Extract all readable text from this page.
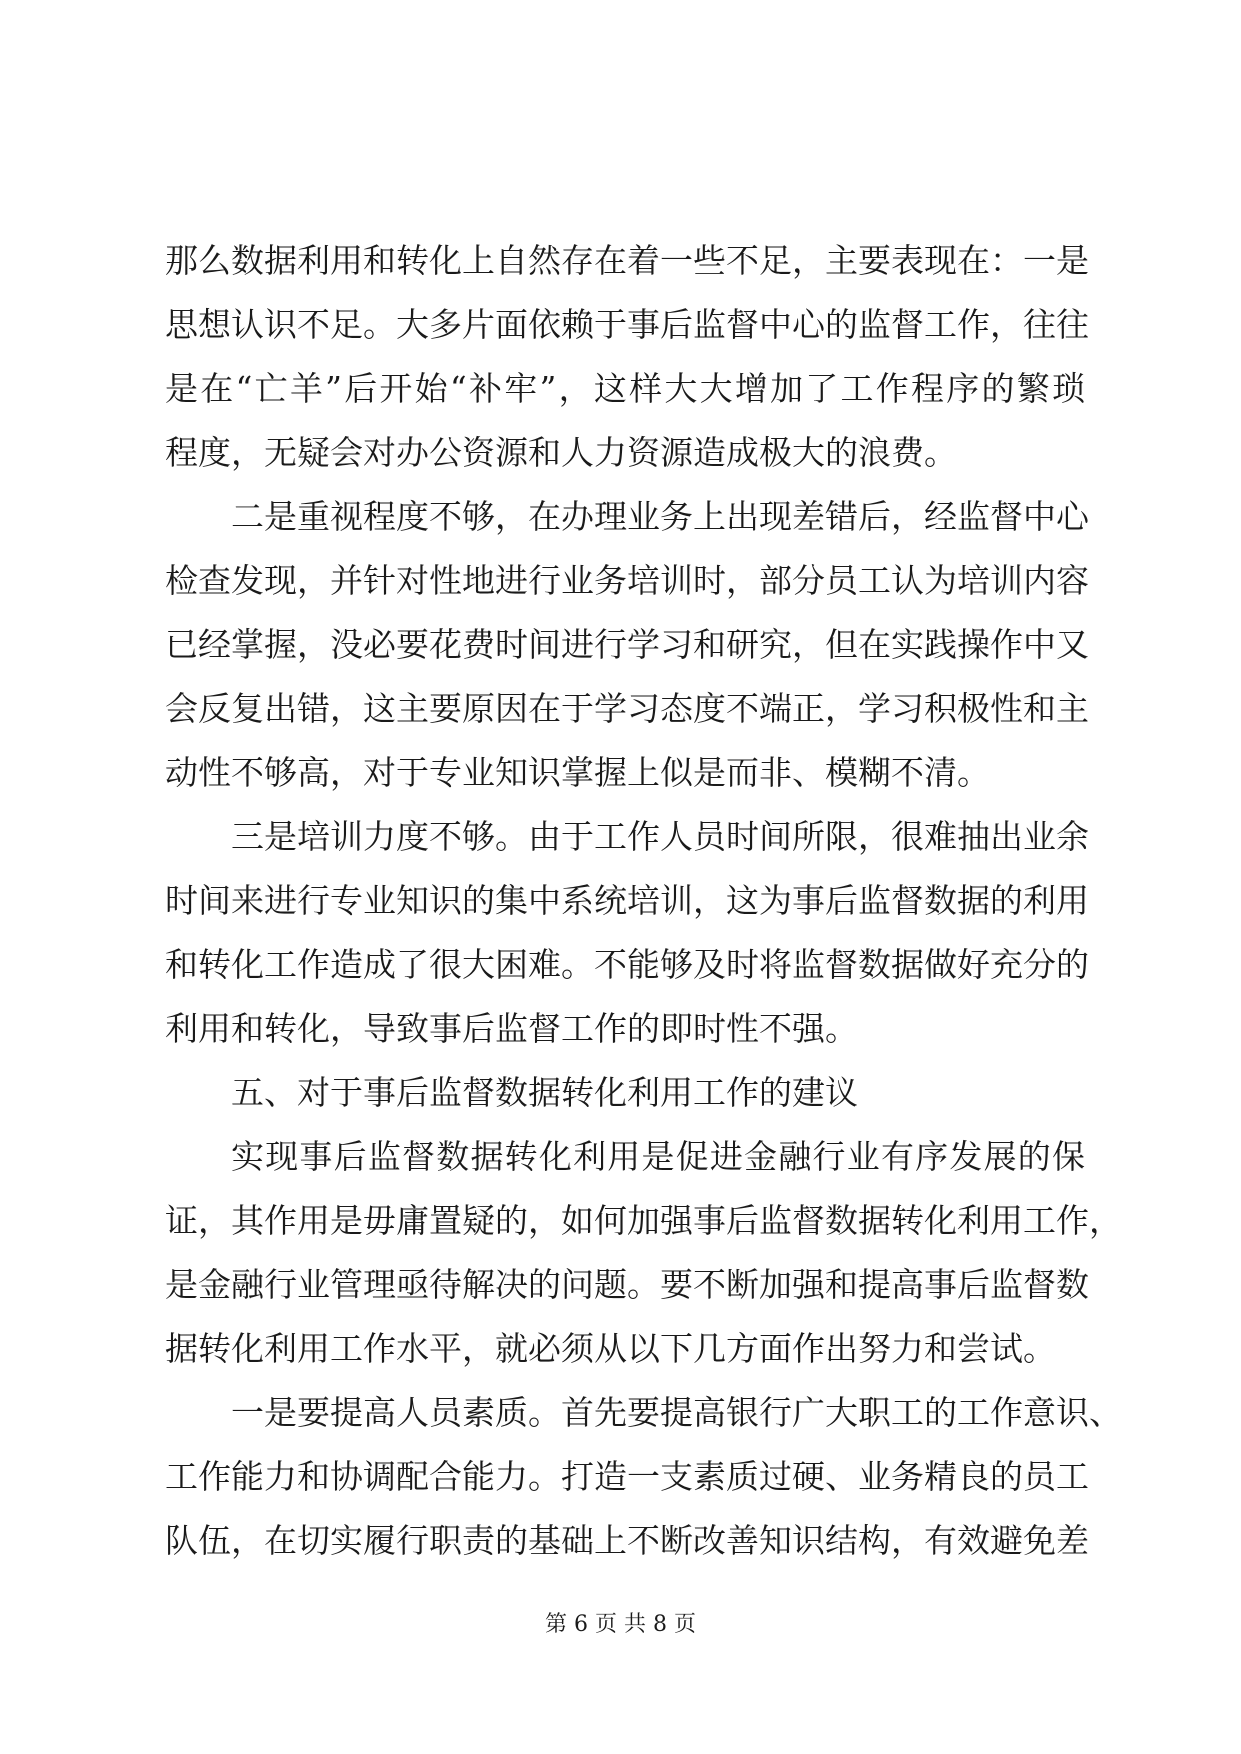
那么数据利用和转化上自然存在着一些不足，主要表现在：一是
思想认识不足。大多片面依赖于事后监督中心的监督工作，往往
是在“亡羊”后开始“补牢”，这样大大增加了工作程序的繁琐
程度，无疑会对办公资源和人力资源造成极大的浪费。
二是重视程度不够，在办理业务上出现差错后，经监督中心
检查发现，并针对性地进行业务培训时，部分员工认为培训内容
已经掌握，没必要花费时间进行学习和研究，但在实践操作中又
会反复出错，这主要原因在于学习态度不端正，学习积极性和主
动性不够高，对于专业知识掌握上似是而非、模糊不清。
三是培训力度不够。由于工作人员时间所限，很难抽出业余
时间来进行专业知识的集中系统培训，这为事后监督数据的利用
和转化工作造成了很大困难。不能够及时将监督数据做好充分的
利用和转化，导致事后监督工作的即时性不强。
五、对于事后监督数据转化利用工作的建议
实现事后监督数据转化利用是促进金融行业有序发展的保
证，其作用是毋庸置疑的，如何加强事后监督数据转化利用工作，
是金融行业管理亟待解决的问题。要不断加强和提高事后监督数
据转化利用工作水平，就必须从以下几方面作出努力和尝试。
一是要提高人员素质。首先要提高银行广大职工的工作意识、
工作能力和协调配合能力。打造一支素质过硬、业务精良的员工
队伍，在切实履行职责的基础上不断改善知识结构，有效避免差
第 6 页 共 8 页
